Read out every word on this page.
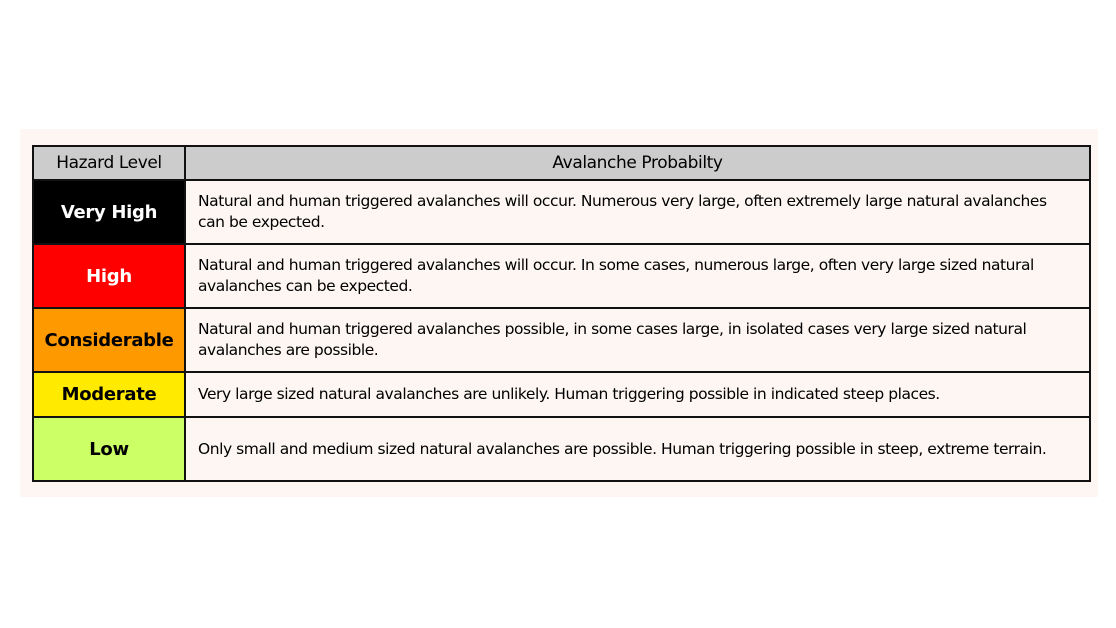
Hazard Level	Avalanche Probabilty
Very High	Natural and human triggered avalanches will occur. Numerous very large, often extremely large natural avalanches can be expected.
High	Natural and human triggered avalanches will occur. In some cases, numerous large, often very large sized natural avalanches can be expected.
Considerable	Natural and human triggered avalanches possible, in some cases large, in isolated cases very large sized natural avalanches are possible.
Moderate	Very large sized natural avalanches are unlikely. Human triggering possible in indicated steep places.
Low	Only small and medium sized natural avalanches are possible. Human triggering possible in steep, extreme terrain.
